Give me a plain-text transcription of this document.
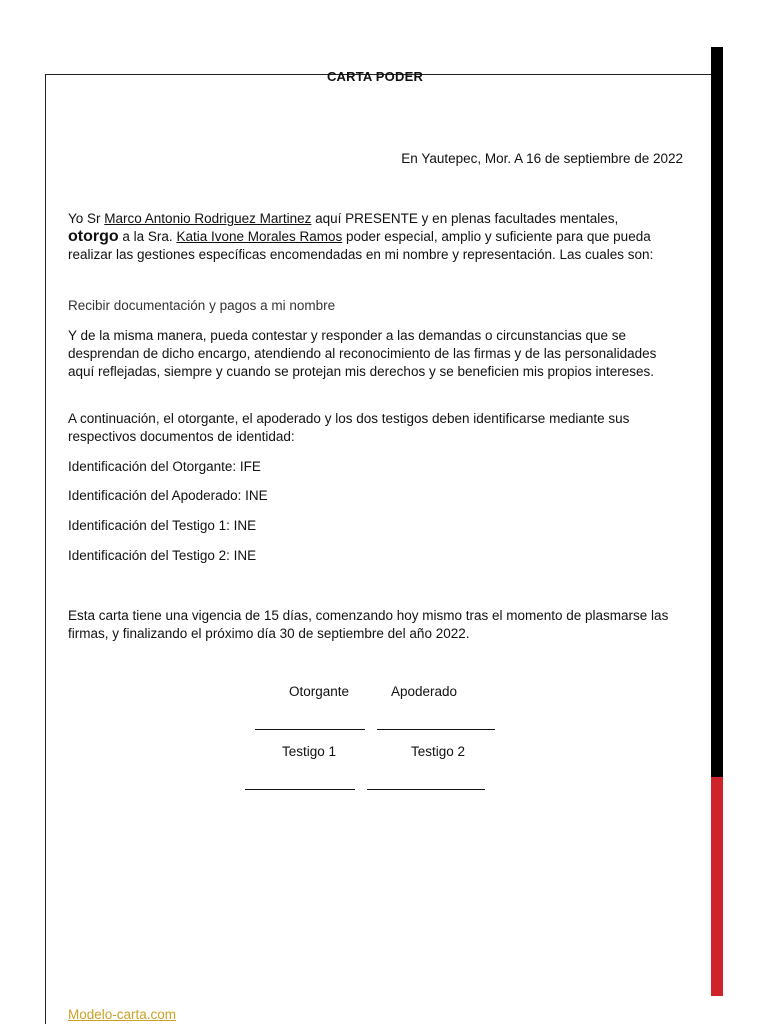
CARTA PODER
En Yautepec, Mor. A 16 de septiembre de 2022
Yo Sr Marco Antonio Rodriguez Martinez aquí PRESENTE y en plenas facultades mentales,
otorgo a la Sra. Katia Ivone Morales Ramos poder especial, amplio y suficiente para que pueda realizar las gestiones específicas encomendadas en mi nombre y representación. Las cuales son:
Recibir documentación y pagos a mi nombre
Y de la misma manera, pueda contestar y responder a las demandas o circunstancias que se desprendan de dicho encargo, atendiendo al reconocimiento de las firmas y de las personalidades aquí reflejadas, siempre y cuando se protejan mis derechos y se beneficien mis propios intereses.
A continuación, el otorgante, el apoderado y los dos testigos deben identificarse mediante sus respectivos documentos de identidad:
Identificación del Otorgante: IFE
Identificación del Apoderado: INE
Identificación del Testigo 1: INE
Identificación del Testigo 2: INE
Esta carta tiene una vigencia de 15 días, comenzando hoy mismo tras el momento de plasmarse las firmas, y finalizando el próximo día 30 de septiembre del año 2022.
Otorgante	Apoderado
Testigo 1	Testigo 2
Modelo-carta.com
